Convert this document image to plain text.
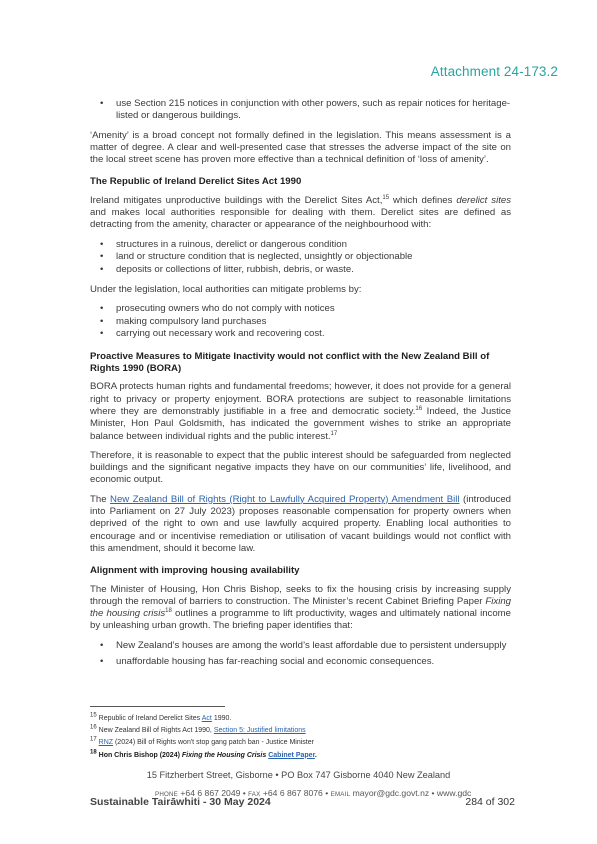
Attachment 24-173.2
• use Section 215 notices in conjunction with other powers, such as repair notices for heritage-listed or dangerous buildings.

‘Amenity’ is a broad concept not formally defined in the legislation. This means assessment is a matter of degree. A clear and well-presented case that stresses the adverse impact of the site on the local street scene has proven more effective than a technical definition of ‘loss of amenity’.

The Republic of Ireland Derelict Sites Act 1990

Ireland mitigates unproductive buildings with the Derelict Sites Act,$^{15}$ which defines derelict sites and makes local authorities responsible for dealing with them. Derelict sites are defined as detracting from the amenity, character or appearance of the neighbourhood with:

• structures in a ruinous, derelict or dangerous condition
• land or structure condition that is neglected, unsightly or objectionable
• deposits or collections of litter, rubbish, debris, or waste.

Under the legislation, local authorities can mitigate problems by:

• prosecuting owners who do not comply with notices
• making compulsory land purchases
• carrying out necessary work and recovering cost.
Proactive Measures to Mitigate Inactivity would not conflict with the New Zealand Bill of Rights 1990 (BORA)

BORA protects human rights and fundamental freedoms; however, it does not provide for a general right to privacy or property enjoyment. BORA protections are subject to reasonable limitations where they are demonstrably justifiable in a free and democratic society.$^{16}$ Indeed, the Justice Minister, Hon Paul Goldsmith, has indicated the government wishes to strike an appropriate balance between individual rights and the public interest.$^{17}$

Therefore, it is reasonable to expect that the public interest should be safeguarded from neglected buildings and the significant negative impacts they have on our communities’ life, livelihood, and economic output.

The New Zealand Bill of Rights (Right to Lawfully Acquired Property) Amendment Bill (introduced into Parliament on 27 July 2023) proposes reasonable compensation for property owners when deprived of the right to own and use lawfully acquired property. Enabling local authorities to encourage and or incentivise remediation or utilisation of vacant buildings would not conflict with this amendment, should it become law.

Alignment with improving housing availability

The Minister of Housing, Hon Chris Bishop, seeks to fix the housing crisis by increasing supply through the removal of barriers to construction. The Minister’s recent Cabinet Briefing Paper Fixing the housing crisis$^{18}$ outlines a programme to lift productivity, wages and ultimately national income by unleashing urban growth. The briefing paper identifies that:

• New Zealand’s houses are among the world’s least affordable due to persistent undersupply
• unaffordable housing has far-reaching social and economic consequences.
$^{15}$ Republic of Ireland Derelict Sites Act 1990.
$^{16}$ New Zealand Bill of Rights Act 1990, Section 5: Justified limitations
$^{17}$ RNZ (2024) Bill of Rights won't stop gang patch ban - Justice Minister
$^{18}$ Hon Chris Bishop (2024) Fixing the Housing Crisis Cabinet Paper.
15 Fitzherbert Street, Gisborne • PO Box 747 Gisborne 4040 New Zealand
PHONE +64 6 867 2049 • FAX +64 6 867 8076 • EMAIL mayor@gdc.govt.nz • www.gdc
Sustainable Tairāwhiti - 30 May 2024	284 of 302
